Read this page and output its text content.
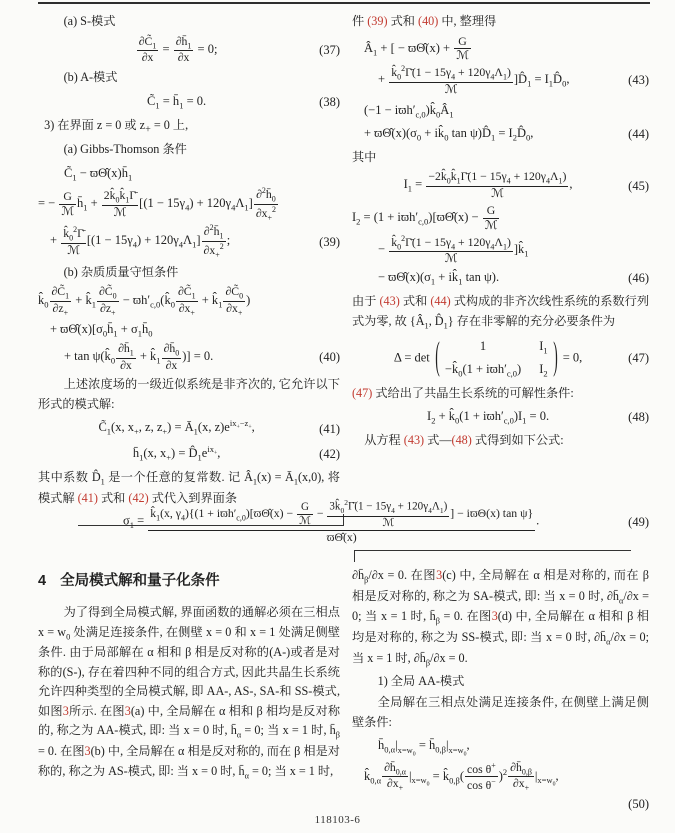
(a) S-模式
$\frac{\partial C̃_1}{\partial x} = \frac{\partial h̄_1}{\partial x} = 0$;	(37)
(b) A-模式
$C̃_1$ = $h̄_1 = 0$.	(38)
3) 在界面 z = 0 或 $z_+ = 0$ 上,
(a) Gibbs-Thomson 条件
$C̃_1$ − $ϖ\Thetâ(x)h̄_1$
= − G
ℳ
$h̄_1$ +
$2k̂_0k̂_1\Gammā$
ℳ
$[(1 - 15\gamma_4) + 120\gamma_4\Lambda_1] \frac{\partial^2h̄_0}{\partial x_+^2}$
+ $k̂_0^2\Gammā$
ℳ
$[(1 - 15\gamma_4) + 120\gamma_4\Lambda_1] \frac{\partial^2h̄_1}{\partial x_+^2}$ ;	(39)
(b) 杂质质量守恒条件
$k̂_0 \frac{\partial C̃_1}{\partial z_+}$ + $k̂_1 \frac{\partial C̃_0}{\partial z_+}$ − $ϖh'_{c,0}(k̂_0 \frac{\partial C̃_1}{\partial x_+}$ + $k̂_1 \frac{\partial C̃_0}{\partial x_+}$ )
+ $ϖ\Thetâ(x)[\sigma_0h̄_1$ + $\sigma_1h̄_0$
+ $\tan \psi(k̂_0 \frac{\partial h̄_1}{\partial x}$ + $k̂_1 \frac{\partial h̄_0}{\partial x}$ )] = 0.	(40)

上述浓度场的一级近似系统是非齐次的, 它允许以下形式的模式解:

$C̃_1(x$, $x_+$, z, $z_+$) = $Ā_1(x$, $z)e^{ix_+-z_+}$,	(41)
$h̄_1(x$, $x_+$) = $D̂_1e^{ix_+}$,	(42)

其中系数 $D̂_1$ 是一个任意的复常数. 记 $Â_1(x)$ = $Ā_1(x,0)$, 将模式解 (41) 式和 (42) 式代入到界面条

件 (39) 式和 (40) 中, 整理得

$Â_1$ + [ − ϖΘ̂(x) + G
ℳ
+ $k̂_0^2\Gammā(1 - 15\gamma_4 + 120\gamma_4\Lambda_1)$
ℳ
]$D̂_1$ = $I_1D̂_0$,	(43)
$(-1 - iϖh'_{c,0})k̂_0Â_1$
+ $ϖ\Thetâ(x)(\sigma_0$ + $ik̂_0$ $\tan \psi)D̂_1$ = $I_2D̂_0$,	(44)

其中

$I_1$ =
$-2k̂_0k̂_1\Gammā(1 - 15\gamma_4 + 120\gamma_4\Lambda_1)$
ℳ
,	(45)
$I_2 = (1$ + $iϖh'_{c,0})[ϖ\Thetâ(x) - G$
ℳ
− $k̂_0^2\Gammā(1 - 15\gamma_4 + 120\gamma_4\Lambda_1)$
ℳ
]$k̂_1$
− $ϖ\Thetâ(x)(\sigma_1$ + $ik̂_1$ tan ψ).	(46)

由于 (43) 式和 (44) 式构成的非齐次线性系统的系数行列式为零, 故 {$Â_1$, $D̂_1$} 存在非零解的充分必要条件为

Δ = det (	1	$I_1$
$-k̂_0(1 + iϖh'_{c,0})$ $I_2$ ) = 0,	(47)

(47) 式给出了共晶生长系统的可解性条件:

$I_2$ + $k̂_0(1 + iϖh'_{c,0})I_1 = 0$.	(48)

从方程 (43) 式—(48) 式得到如下公式:

$\sigma_1$ =
$k̂_1(x$, $\gamma_4)\{(1$ + $iϖh'_{c,0})[ϖ\Thetâ(x)$ −
G
ℳ
−
$3k̂_0^2\Gammā(1 - 15\gamma_4 + 120\gamma_4\Lambda_1)$
ℳ
] − iϖΘ(x) tan ψ}
ϖΘ̂(x)
.	(49)
4 全局模式解和量子化条件

为了得到全局模式解, 界面函数的通解必须在三相点 $x = w_0$ 处满足连接条件, 在侧壁 x = 0 和 x = 1 处满足侧壁条件. 由于局部解在 α 相和 β 相是反对称的(A-)或者是对称的(S-), 存在着四种不同的组合方式, 因此共晶生长系统允许四种类型的全局模式解, 即 AA-, AS-, SA-和 SS-模式, 如图3所示. 在图3(a) 中, 全局解在 α 相和 β 相均是反对称的, 称之为 AA-模式, 即: 当 x = 0 时, $h̄_\alpha = 0$; 当 x = 1 时, $h̄_\beta = 0$. 在图3(b) 中, 全局解在 α 相是反对称的, 而在 β 相是对称的, 称之为 AS-模式, 即: 当 x = 0 时, $h̄_\alpha = 0$; 当 x = 1 时,

$\partial h̄_\beta/\partial x = 0$. 在图3(c) 中, 全局解在 α 相是对称的, 而在 β 相是反对称的, 称之为 SA-模式, 即: 当 x = 0 时, $\partial h̄_\alpha/\partial x = 0$; 当 x = 1 时, $h̄_\beta = 0$. 在图3(d) 中, 全局解在 α 相和 β 相均是对称的, 称之为 SS-模式, 即: 当 x = 0 时, $\partial h̄_\alpha/\partial x = 0$; 当 x = 1 时, $\partial h̄_\beta/\partial x = 0$.

1) 全局 AA-模式

全局解在三相点处满足连接条件, 在侧壁上满足侧壁条件:

$h̄_{0,\alpha}|_{x=w_0}$ = $h̄_{0,\beta}|_{x=w_0}$,
$k̂_{0,\alpha} \frac{\partial h̄_{0,\alpha}}{\partial x_+} |_{x=w_0}$ = $k̂_{0,\beta}( \frac{\cos \theta^+}{\cos \theta^-} )^2 \frac{\partial h̄_{0,\beta}}{\partial x_+} |_{x=w_0}$,
(50)
118103-6
